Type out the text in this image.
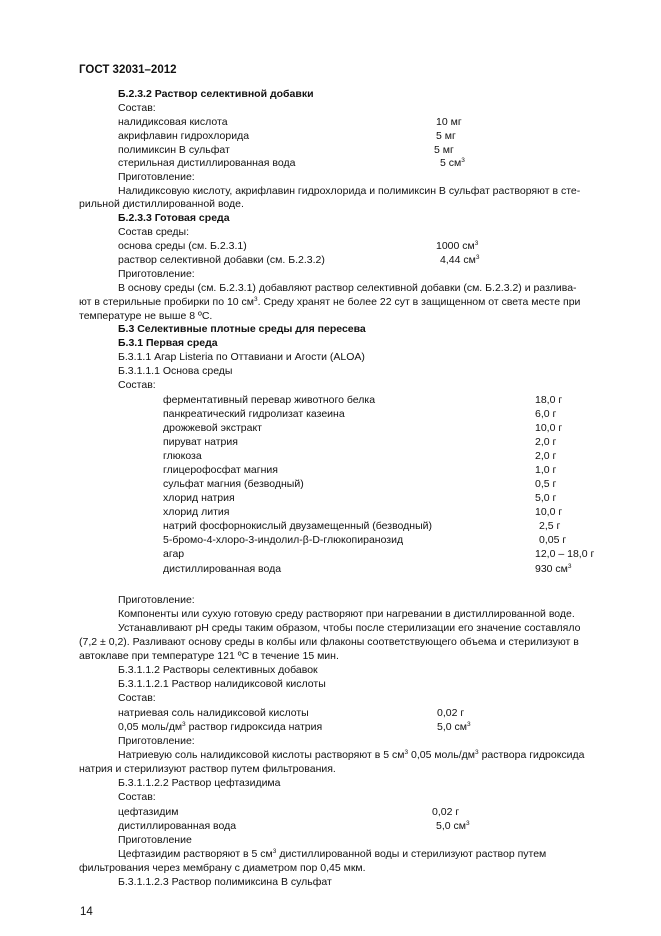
ГОСТ 32031–2012
Б.2.3.2 Раствор селективной добавки
Состав:
налидиксовая кислота	10 мг
акрифлавин гидрохлорида	5 мг
полимиксин В сульфат	5 мг
стерильная дистиллированная вода	5 $см^3$
Приготовление:
Налидиксовую кислоту, акрифлавин гидрохлорида и полимиксин В сульфат растворяют в сте-
рильной дистиллированной воде.
Б.2.3.3 Готовая среда
Состав среды:
основа среды (см. Б.2.3.1)	1000 $см^3$
раствор селективной добавки (см. Б.2.3.2)	4,44 $см^3$
Приготовление:
В основу среды (см. Б.2.3.1) добавляют раствор селективной добавки (см. Б.2.3.2) и разлива-
ют в стерильные пробирки по 10 $см^3$. Среду хранят не более 22 сут в защищенном от света месте при
температуре не выше 8 ºС.
Б.3 Селективные плотные среды для пересева
Б.3.1 Первая среда
Б.3.1.1 Агар Listeria по Оттавиани и Агости (ALOA)
Б.3.1.1.1 Основа среды
Состав:
ферментативный перевар животного белка	18,0 г
панкреатический гидролизат казеина	6,0 г
дрожжевой экстракт	10,0 г
пируват натрия	2,0 г
глюкоза	2,0 г
глицерофосфат магния	1,0 г
сульфат магния (безводный)	0,5 г
хлорид натрия	5,0 г
хлорид лития	10,0 г
натрий фосфорнокислый двузамещенный (безводный)	2,5 г
5-бромо-4-хлоро-3-индолил-β-D-глюкопиранозид	0,05 г
агар	12,0 – 18,0 г
дистиллированная вода	930 $см^3$
Приготовление:
Компоненты или сухую готовую среду растворяют при нагревании в дистиллированной воде.
Устанавливают pH среды таким образом, чтобы после стерилизации его значение составляло
(7,2 ± 0,2). Разливают основу среды в колбы или флаконы соответствующего объема и стерилизуют в
автоклаве при температуре 121 ºС в течение 15 мин.
Б.3.1.1.2 Растворы селективных добавок
Б.3.1.1.2.1 Раствор налидиксовой кислоты
Состав:
натриевая соль налидиксовой кислоты	0,02 г
0,05 моль/$дм^3$ раствор гидроксида натрия	5,0 $см^3$
Приготовление:
Натриевую соль налидиксовой кислоты растворяют в 5 $см^3$ 0,05 моль/$дм^3$ раствора гидроксида
натрия и стерилизуют раствор путем фильтрования.
Б.3.1.1.2.2 Раствор цефтазидима
Состав:
цефтазидим	0,02 г
дистиллированная вода	5,0 $см^3$
Приготовление
Цефтазидим растворяют в 5 $см^3$ дистиллированной воды и стерилизуют раствор путем
фильтрования через мембрану с диаметром пор 0,45 мкм.
Б.3.1.1.2.3 Раствор полимиксина В сульфат
14
